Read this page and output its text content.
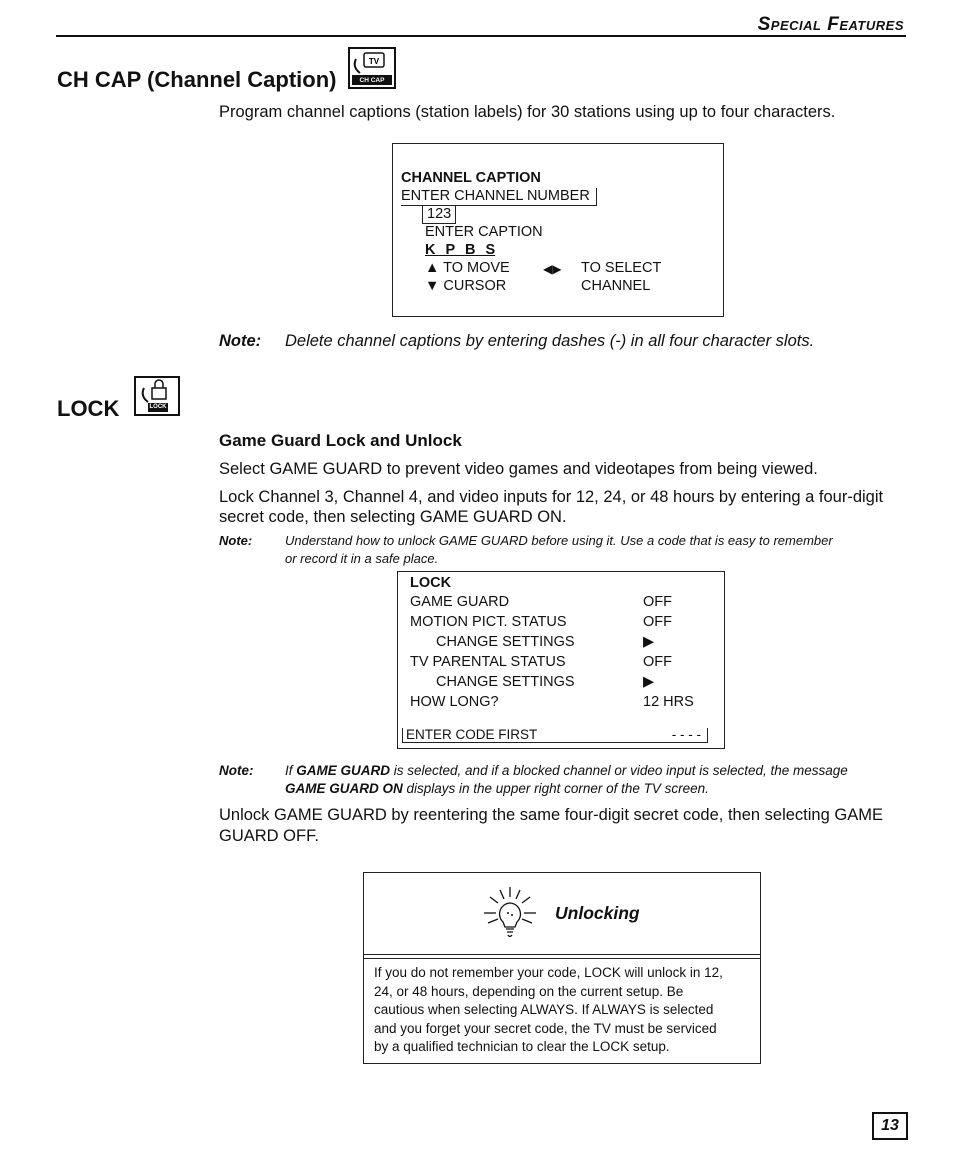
Special Features
CH CAP (Channel Caption)
TV
CH CAP
Program channel captions (station labels) for 30 stations using up to four characters.
CHANNEL CAPTION
ENTER CHANNEL NUMBER
123
ENTER CAPTION
K P B S
▲ TO MOVE
▼ CURSOR
◀▶ TO SELECT
CHANNEL
Note: Delete channel captions by entering dashes (-) in all four character slots.
LOCK	LOCK
Game Guard Lock and Unlock
Select GAME GUARD to prevent video games and videotapes from being viewed.
Lock Channel 3, Channel 4, and video inputs for 12, 24, or 48 hours by entering a four-digit
secret code, then selecting GAME GUARD ON.
Note:	Understand how to unlock GAME GUARD before using it. Use a code that is easy to remember
or record it in a safe place.
LOCK
GAME GUARD	OFF
MOTION PICT. STATUS	OFF
CHANGE SETTINGS	▶
TV PARENTAL STATUS	OFF
CHANGE SETTINGS	▶
HOW LONG?	12 HRS
ENTER CODE FIRST	- - - -
Note: If GAME GUARD is selected, and if a blocked channel or video input is selected, the message
GAME GUARD ON displays in the upper right corner of the TV screen.
Unlock GAME GUARD by reentering the same four-digit secret code, then selecting GAME
GUARD OFF.
Unlocking
If you do not remember your code, LOCK will unlock in 12,
24, or 48 hours, depending on the current setup. Be
cautious when selecting ALWAYS. If ALWAYS is selected
and you forget your secret code, the TV must be serviced
by a qualified technician to clear the LOCK setup.
13
